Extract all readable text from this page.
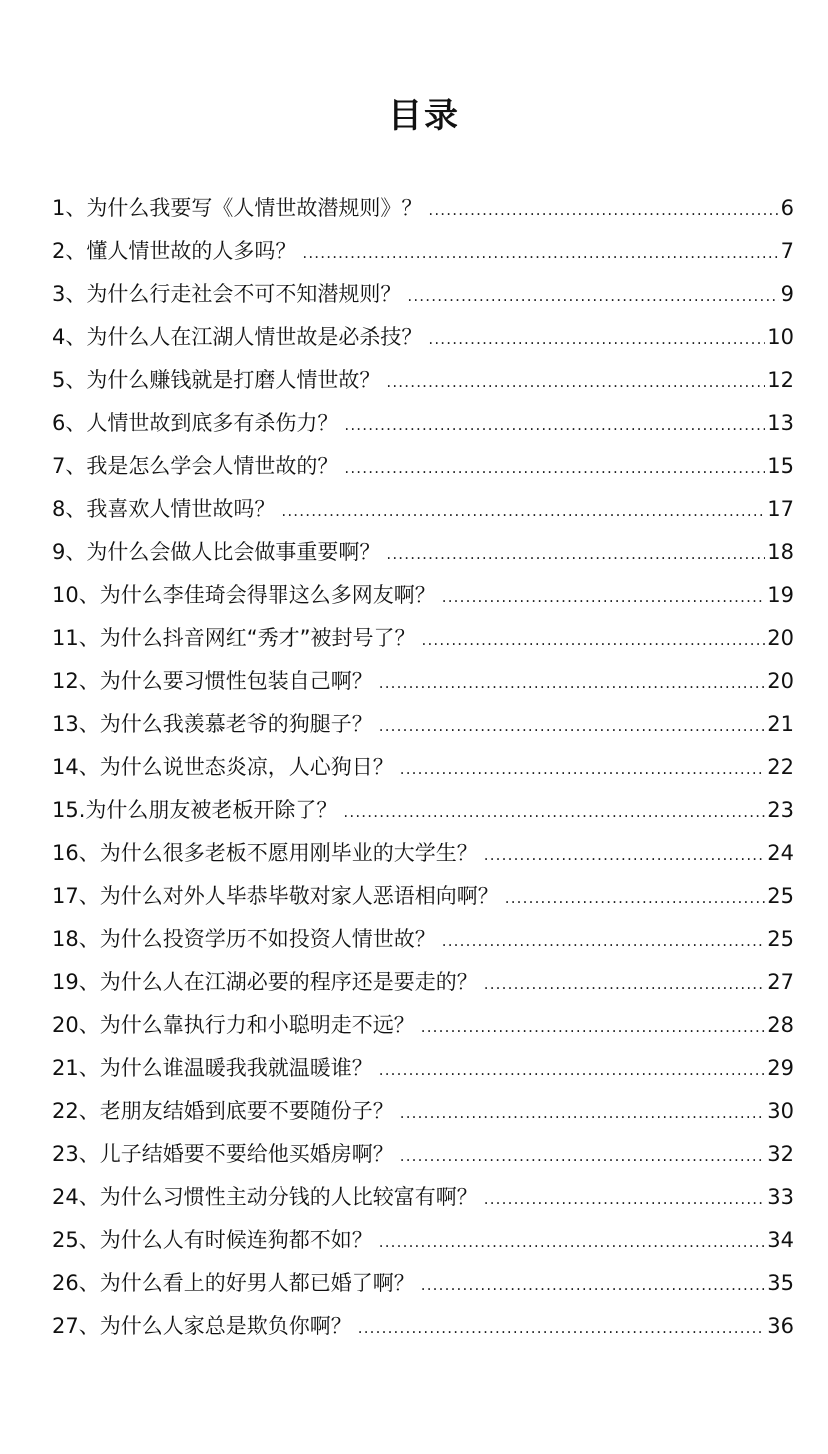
目录
1、为什么我要写《人情世故潜规则》？ .....	6
2、懂人情世故的人多吗？ .....	7
3、为什么行走社会不可不知潜规则？ .....	9
4、为什么人在江湖人情世故是必杀技？ .....	10
5、为什么赚钱就是打磨人情世故？ .....	12
6、人情世故到底多有杀伤力？ .....	13
7、我是怎么学会人情世故的？ .....	15
8、我喜欢人情世故吗？ .....	17
9、为什么会做人比会做事重要啊？ .....	18
10、为什么李佳琦会得罪这么多网友啊？ .....	19
11、为什么抖音网红“秀才”被封号了？ .....	20
12、为什么要习惯性包装自己啊？ .....	20
13、为什么我羡慕老爷的狗腿子？ .....	21
14、为什么说世态炎凉，人心狗日？ .....	22
15.为什么朋友被老板开除了？ .....	23
16、为什么很多老板不愿用刚毕业的大学生？ .....	24
17、为什么对外人毕恭毕敬对家人恶语相向啊？ .....	25
18、为什么投资学历不如投资人情世故？ .....	25
19、为什么人在江湖必要的程序还是要走的？ .....	27
20、为什么靠执行力和小聪明走不远？ .....	28
21、为什么谁温暖我我就温暖谁？ .....	29
22、老朋友结婚到底要不要随份子？ .....	30
23、儿子结婚要不要给他买婚房啊？ .....	32
24、为什么习惯性主动分钱的人比较富有啊？ .....	33
25、为什么人有时候连狗都不如？ .....	34
26、为什么看上的好男人都已婚了啊？ .....	35
27、为什么人家总是欺负你啊？ .....	36
